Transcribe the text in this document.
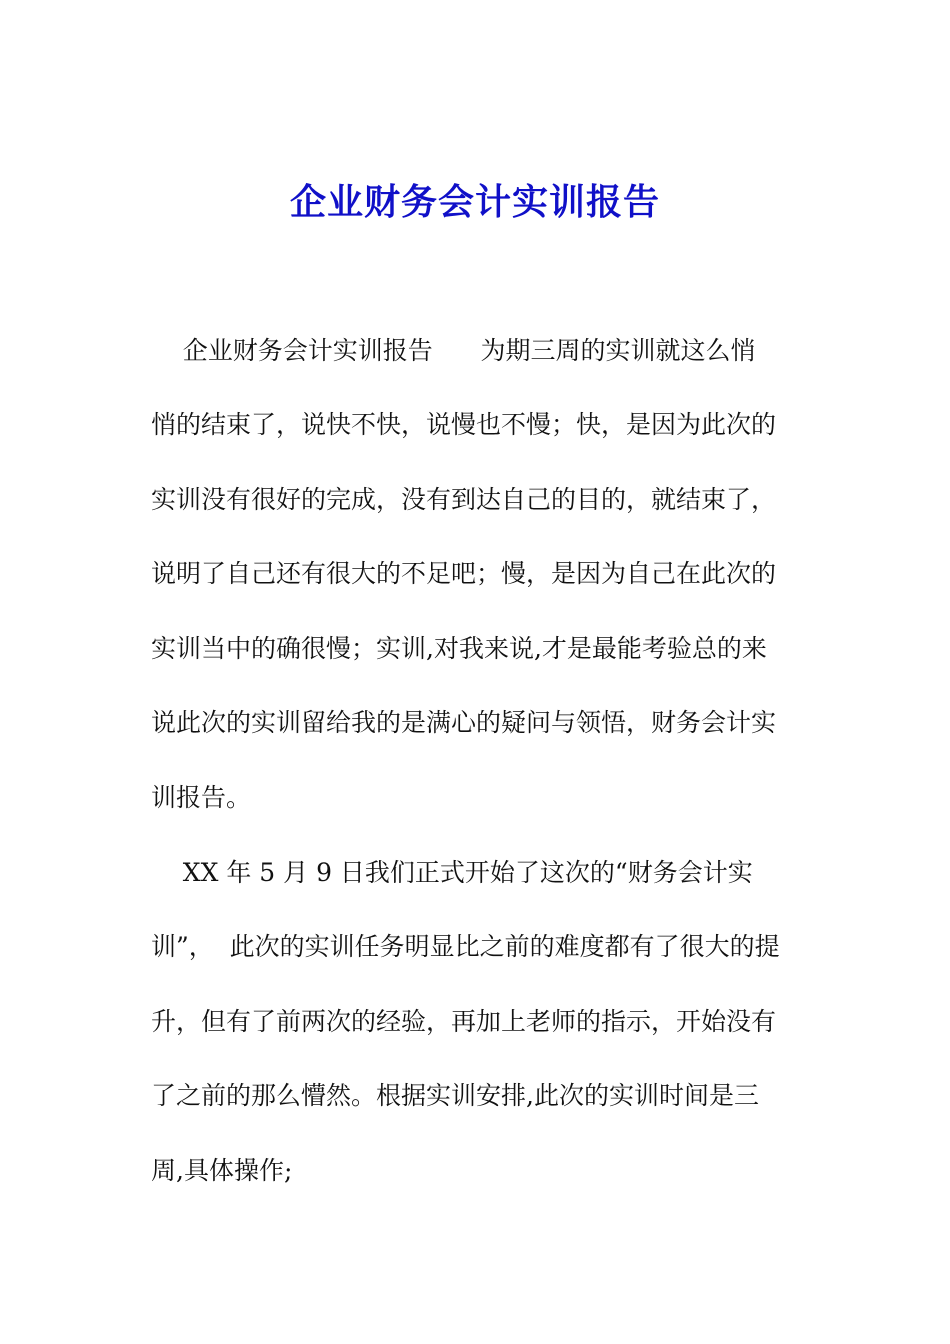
企业财务会计实训报告
企业财务会计实训报告      为期三周的实训就这么悄
悄的结束了，说快不快，说慢也不慢；快，是因为此次的
实训没有很好的完成，没有到达自己的目的，就结束了，
说明了自己还有很大的不足吧；慢，是因为自己在此次的
实训当中的确很慢；实训,对我来说,才是最能考验总的来
说此次的实训留给我的是满心的疑问与领悟，财务会计实
训报告。
XX 年 5 月 9 日我们正式开始了这次的“财务会计实
训”，  此次的实训任务明显比之前的难度都有了很大的提
升，但有了前两次的经验，再加上老师的指示，开始没有
了之前的那么懵然。根据实训安排,此次的实训时间是三
周,具体操作;
